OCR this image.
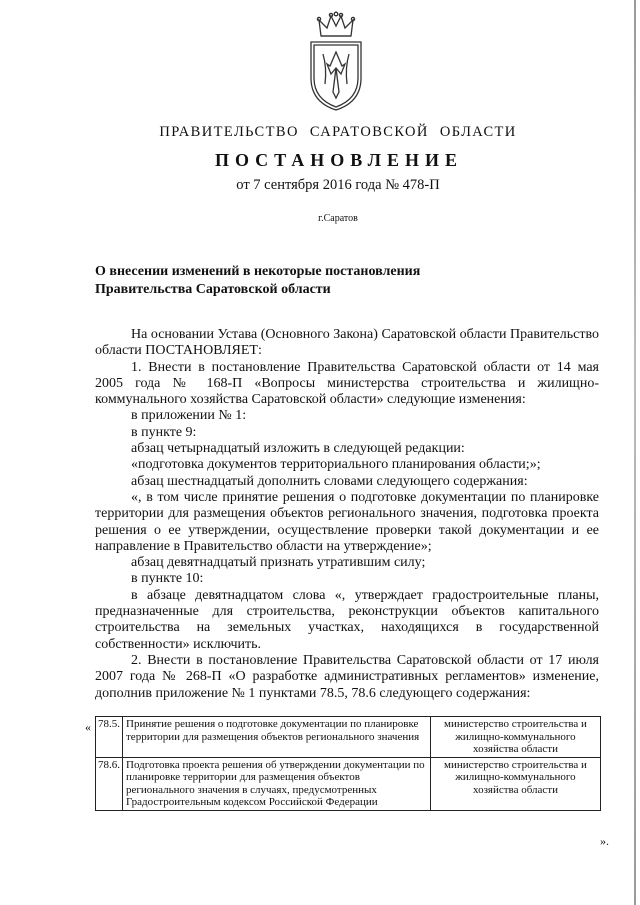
ПРАВИТЕЛЬСТВО САРАТОВСКОЙ ОБЛАСТИ
ПОСТАНОВЛЕНИЕ
от 7 сентября 2016 года № 478-П
г.Саратов
О внесении изменений в некоторые постановления
Правительства Саратовской области

На основании Устава (Основного Закона) Саратовской области Правительство области ПОСТАНОВЛЯЕТ:

1. Внести в постановление Правительства Саратовской области от 14 мая 2005 года № 168-П «Вопросы министерства строительства и жилищно-коммунального хозяйства Саратовской области» следующие изменения:

в приложении № 1:

в пункте 9:

абзац четырнадцатый изложить в следующей редакции:

«подготовка документов территориального планирования области;»;

абзац шестнадцатый дополнить словами следующего содержания:

«, в том числе принятие решения о подготовке документации по планировке территории для размещения объектов регионального значения, подготовка проекта решения о ее утверждении, осуществление проверки такой документации и ее направление в Правительство области на утверждение»;

абзац девятнадцатый признать утратившим силу;

в пункте 10:

в абзаце девятнадцатом слова «, утверждает градостроительные планы, предназначенные для строительства, реконструкции объектов капитального строительства на земельных участках, находящихся в государственной собственности» исключить.

2. Внести в постановление Правительства Саратовской области от 17 июля 2007 года № 268-П «О разработке административных регламентов» изменение, дополнив приложение № 1 пунктами 78.5, 78.6 следующего содержания:

« 78.5.	Принятие решения о подготовке документации по планировке территории для размещения объектов регионального значения	министерство строительства и жилищно-коммунального хозяйства области
78.6.	Подготовка проекта решения об утверждении документации по планировке территории для размещения объектов регионального значения в случаях, предусмотренных Градостроительным кодексом Российской Федерации	министерство строительства и жилищно-коммунального хозяйства области
».
